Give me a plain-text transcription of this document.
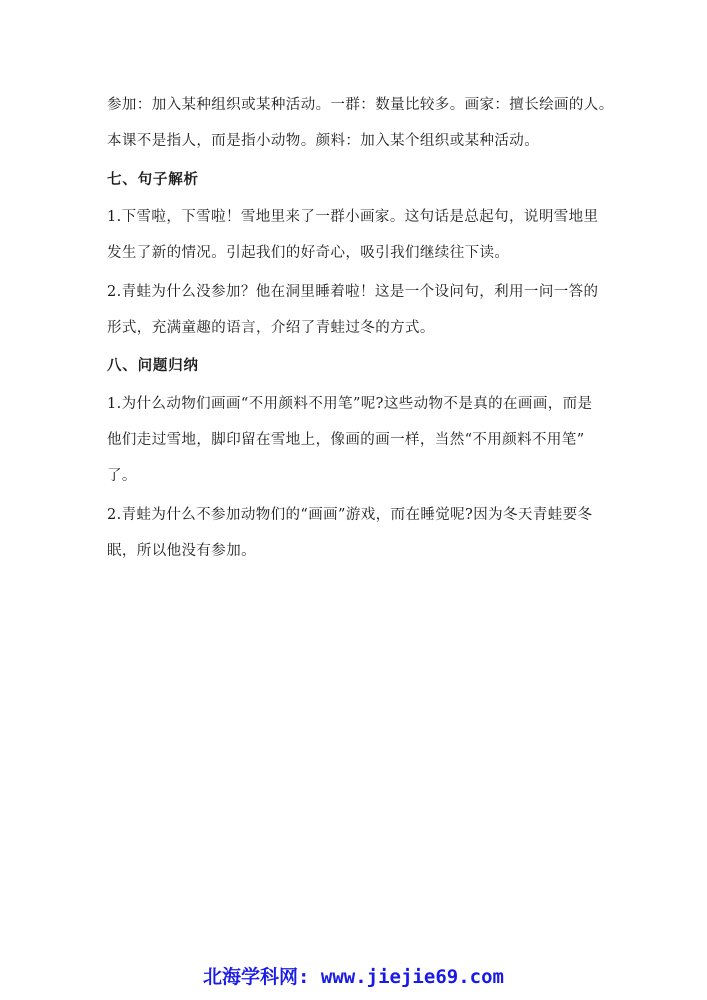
参加：加入某种组织或某种活动。一群：数量比较多。画家：擅长绘画的人。
本课不是指人，而是指小动物。颜料：加入某个组织或某种活动。
七、句子解析
1.下雪啦，下雪啦！雪地里来了一群小画家。这句话是总起句，说明雪地里
发生了新的情况。引起我们的好奇心，吸引我们继续往下读。
2.青蛙为什么没参加？他在洞里睡着啦！这是一个设问句，利用一问一答的
形式，充满童趣的语言，介绍了青蛙过冬的方式。
八、问题归纳
1.为什么动物们画画“不用颜料不用笔”呢?这些动物不是真的在画画，而是
他们走过雪地，脚印留在雪地上，像画的画一样，当然“不用颜料不用笔”
了。
2.青蛙为什么不参加动物们的“画画”游戏，而在睡觉呢?因为冬天青蛙要冬
眠，所以他没有参加。
北海学科网: www.jiejie69.com
